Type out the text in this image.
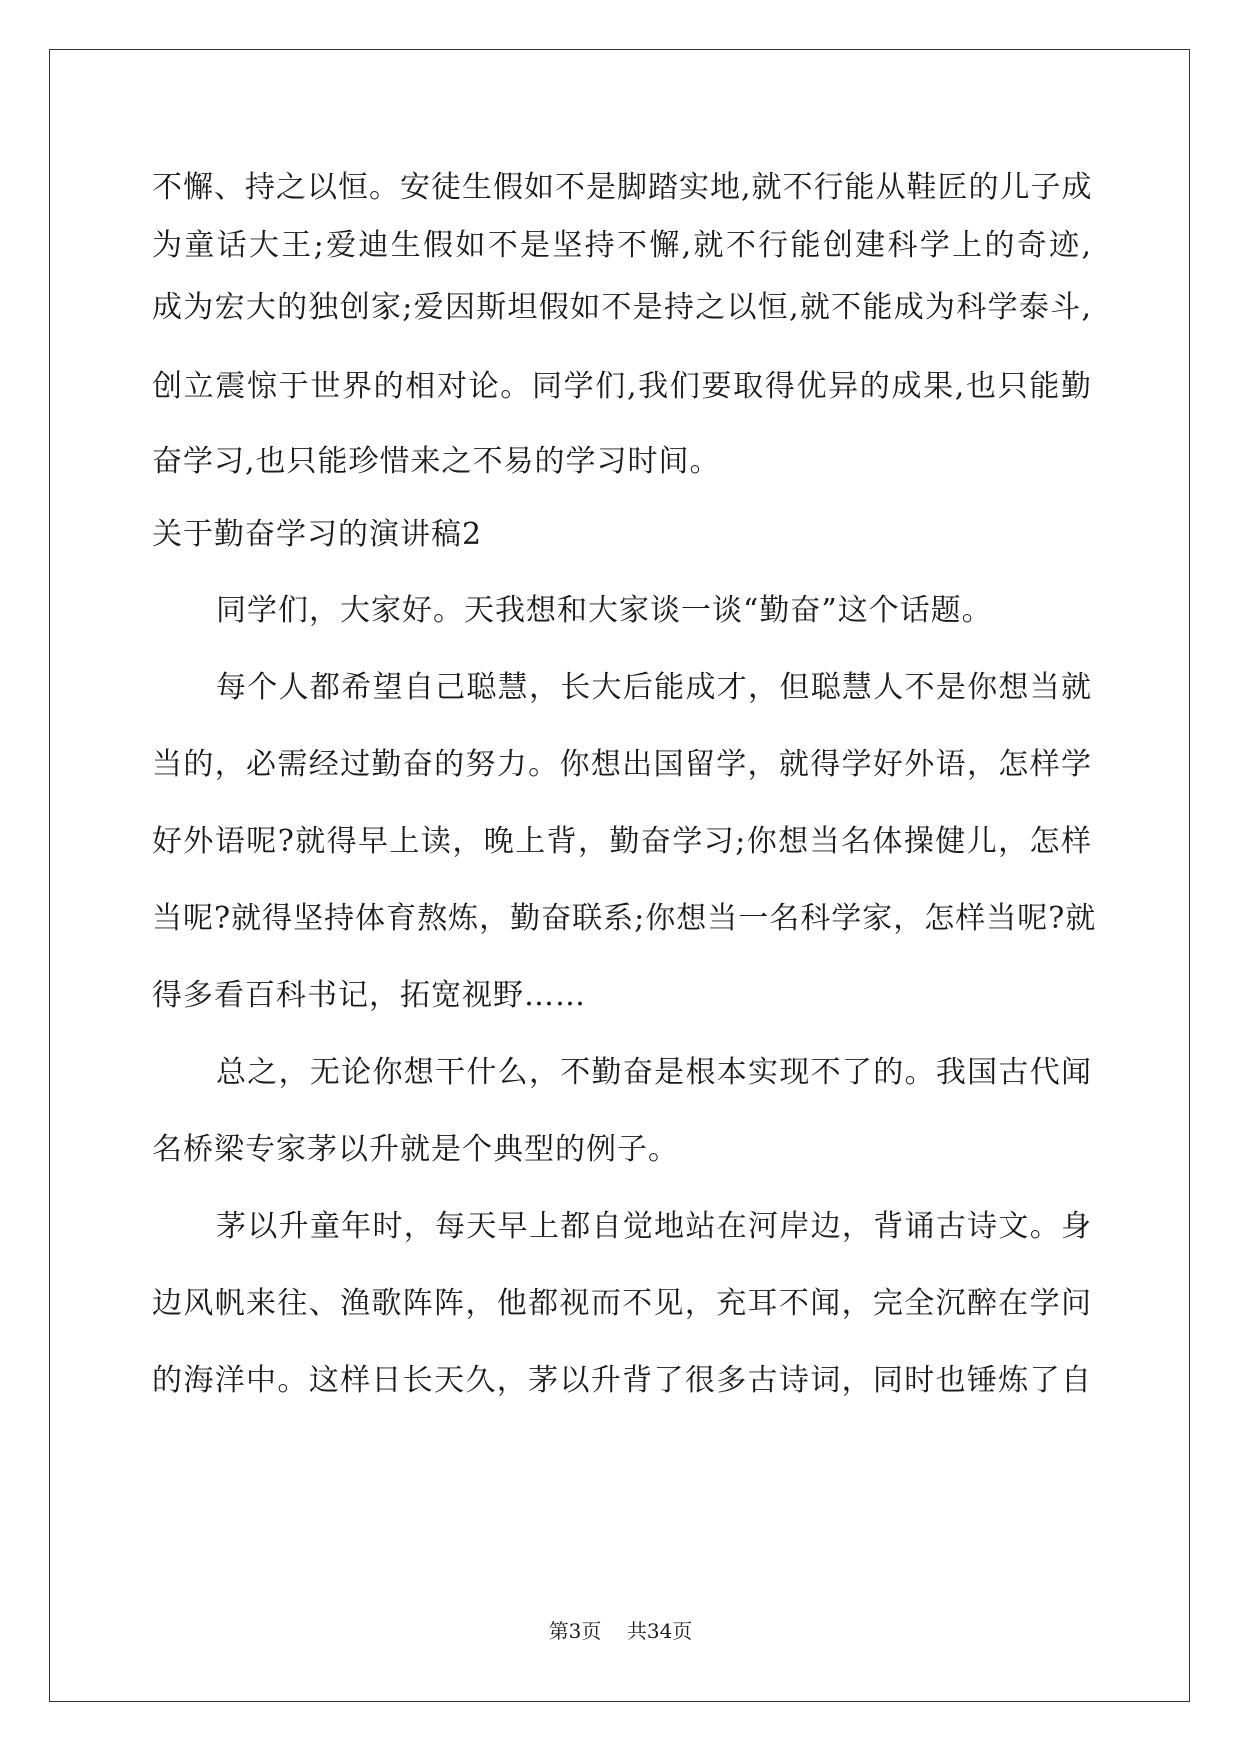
不懈、持之以恒。安徒生假如不是脚踏实地,就不行能从鞋匠的儿子成
为童话大王;爱迪生假如不是坚持不懈,就不行能创建科学上的奇迹,
成为宏大的独创家;爱因斯坦假如不是持之以恒,就不能成为科学泰斗,
创立震惊于世界的相对论。同学们,我们要取得优异的成果,也只能勤
奋学习,也只能珍惜来之不易的学习时间。
关于勤奋学习的演讲稿2
同学们，大家好。天我想和大家谈一谈“勤奋”这个话题。
每个人都希望自己聪慧，长大后能成才，但聪慧人不是你想当就
当的，必需经过勤奋的努力。你想出国留学，就得学好外语，怎样学
好外语呢?就得早上读，晚上背，勤奋学习;你想当名体操健儿，怎样
当呢?就得坚持体育熬炼，勤奋联系;你想当一名科学家，怎样当呢?就
得多看百科书记，拓宽视野……
总之，无论你想干什么，不勤奋是根本实现不了的。我国古代闻
名桥梁专家茅以升就是个典型的例子。
茅以升童年时，每天早上都自觉地站在河岸边，背诵古诗文。身
边风帆来往、渔歌阵阵，他都视而不见，充耳不闻，完全沉醉在学问
的海洋中。这样日长天久，茅以升背了很多古诗词，同时也锤炼了自
第3页 共34页
